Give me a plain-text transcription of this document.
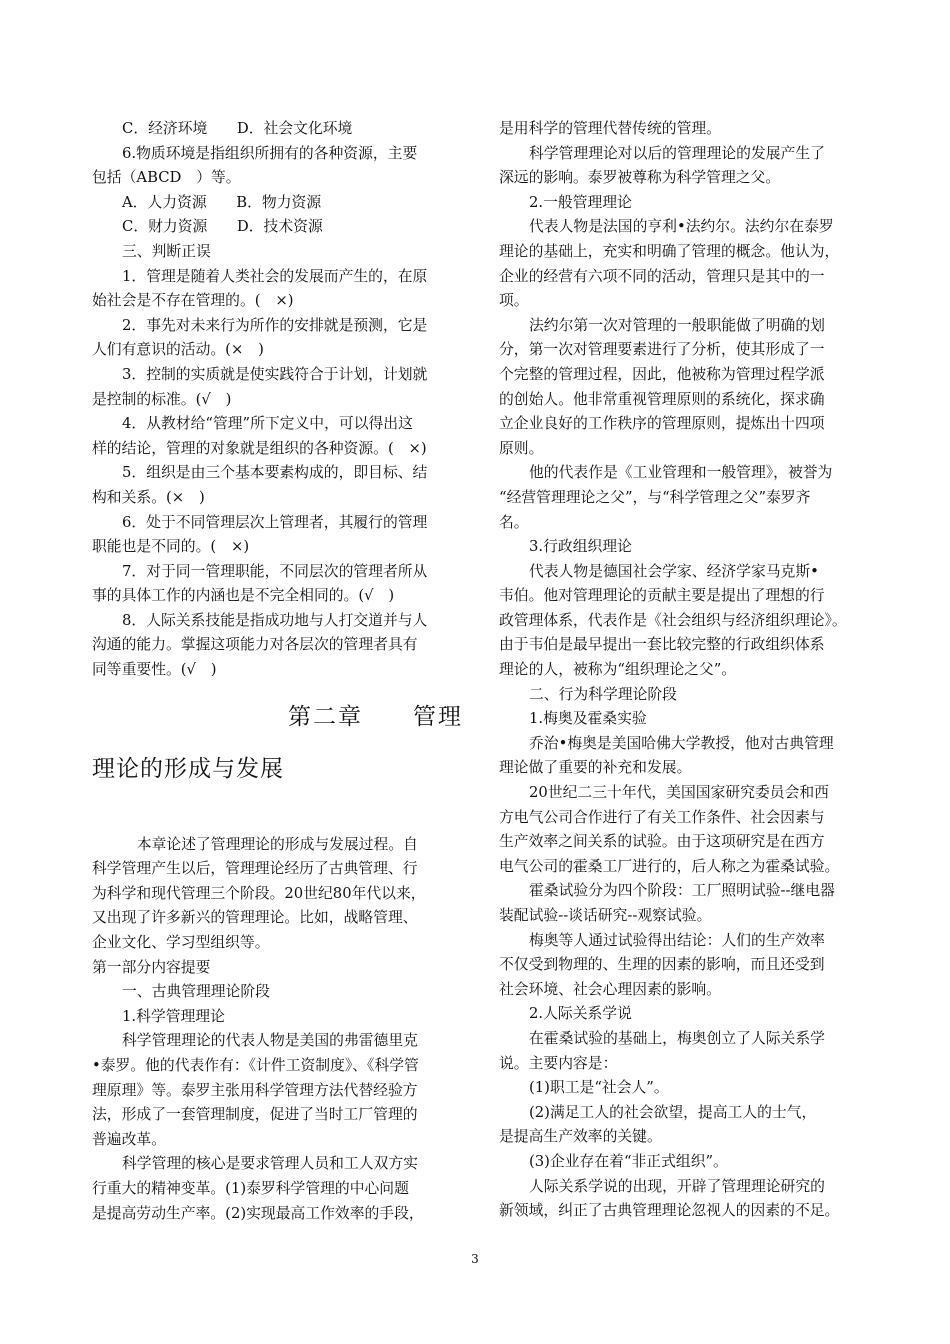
C．经济环境　　D．社会文化环境

6.物质环境是指组织所拥有的各种资源，主要

包括（ABCD　）等。

A．人力资源　　B．物力资源

C．财力资源　　D．技术资源

三、判断正误

1．管理是随着人类社会的发展而产生的，在原

始社会是不存在管理的。(　×)

2．事先对未来行为所作的安排就是预测，它是

人们有意识的活动。(×　)

3．控制的实质就是使实践符合于计划，计划就

是控制的标准。(√　)

4．从教材给“管理”所下定义中，可以得出这

样的结论，管理的对象就是组织的各种资源。(　×)

5．组织是由三个基本要素构成的，即目标、结

构和关系。(×　)

6．处于不同管理层次上管理者，其履行的管理

职能也是不同的。(　×)

7．对于同一管理职能，不同层次的管理者所从

事的具体工作的内涵也是不完全相同的。(√　)

8．人际关系技能是指成功地与人打交道并与人

沟通的能力。掌握这项能力对各层次的管理者具有

同等重要性。(√　)

第二章　　管理
理论的形成与发展

　本章论述了管理理论的形成与发展过程。自

科学管理产生以后，管理理论经历了古典管理、行

为科学和现代管理三个阶段。20世纪80年代以来，

又出现了许多新兴的管理理论。比如，战略管理、

企业文化、学习型组织等。

第一部分内容提要

一、古典管理理论阶段

1.科学管理理论

科学管理理论的代表人物是美国的弗雷德里克

•泰罗。他的代表作有：《计件工资制度》、《科学管

理原理》等。泰罗主张用科学管理方法代替经验方

法，形成了一套管理制度，促进了当时工厂管理的

普遍改革。

科学管理的核心是要求管理人员和工人双方实

行重大的精神变革。(1)泰罗科学管理的中心问题

是提高劳动生产率。(2)实现最高工作效率的手段，

是用科学的管理代替传统的管理。

科学管理理论对以后的管理理论的发展产生了

深远的影响。泰罗被尊称为科学管理之父。

2.一般管理理论

代表人物是法国的亨利•法约尔。法约尔在泰罗

理论的基础上，充实和明确了管理的概念。他认为，

企业的经营有六项不同的活动，管理只是其中的一

项。

法约尔第一次对管理的一般职能做了明确的划

分，第一次对管理要素进行了分析，使其形成了一

个完整的管理过程，因此，他被称为管理过程学派

的创始人。他非常重视管理原则的系统化，探求确

立企业良好的工作秩序的管理原则，提炼出十四项

原则。

他的代表作是《工业管理和一般管理》，被誉为

“经营管理理论之父”，与“科学管理之父”泰罗齐

名。

3.行政组织理论

代表人物是德国社会学家、经济学家马克斯•

韦伯。他对管理理论的贡献主要是提出了理想的行

政管理体系，代表作是《社会组织与经济组织理论》。

由于韦伯是最早提出一套比较完整的行政组织体系

理论的人，被称为“组织理论之父”。

二、行为科学理论阶段

1.梅奥及霍桑实验

乔治•梅奥是美国哈佛大学教授，他对古典管理

理论做了重要的补充和发展。

20世纪二三十年代，美国国家研究委员会和西

方电气公司合作进行了有关工作条件、社会因素与

生产效率之间关系的试验。由于这项研究是在西方

电气公司的霍桑工厂进行的，后人称之为霍桑试验。

霍桑试验分为四个阶段：工厂照明试验--继电器

装配试验--谈话研究--观察试验。

梅奥等人通过试验得出结论：人们的生产效率

不仅受到物理的、生理的因素的影响，而且还受到

社会环境、社会心理因素的影响。

2.人际关系学说

在霍桑试验的基础上，梅奥创立了人际关系学

说。主要内容是：

(1)职工是“社会人”。

(2)满足工人的社会欲望，提高工人的士气，

是提高生产效率的关键。

(3)企业存在着“非正式组织”。

人际关系学说的出现，开辟了管理理论研究的

新领域，纠正了古典管理理论忽视人的因素的不足。

3
